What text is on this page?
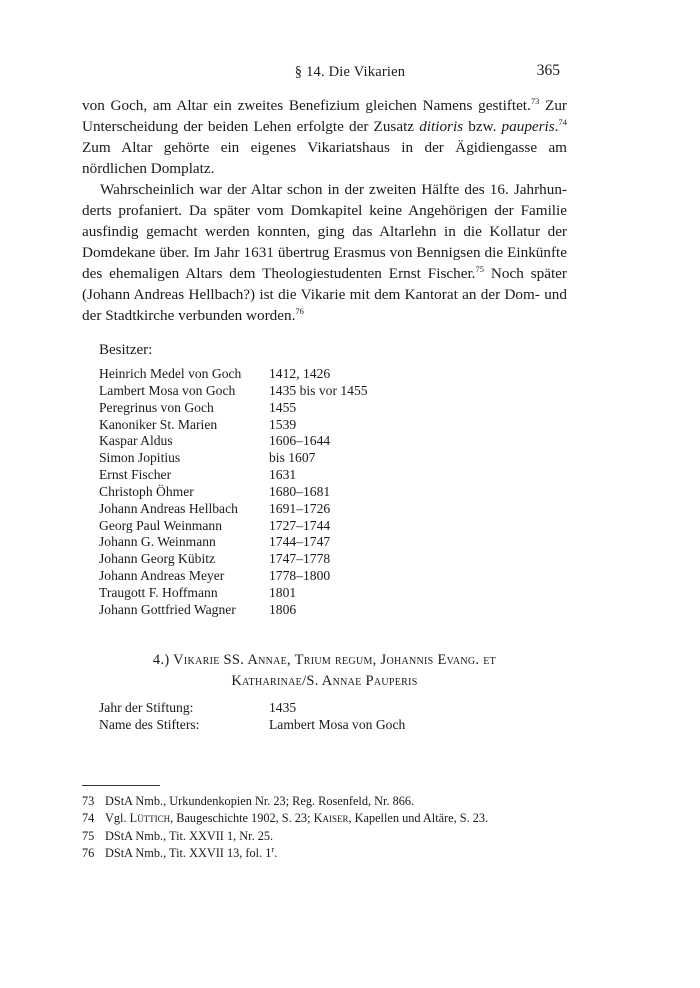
§ 14. Die Vikarien	365

von Goch, am Altar ein zweites Benefizium gleichen Namens gestiftet.$^{73}$ Zur Unterscheidung der beiden Lehen erfolgte der Zusatz ditioris bzw. pauperis.$^{74}$ Zum Altar gehörte ein eigenes Vikariatshaus in der Ägidiengasse am nördlichen Domplatz.

Wahrscheinlich war der Altar schon in der zweiten Hälfte des 16. Jahrhunderts profaniert. Da später vom Domkapitel keine Angehörigen der Familie ausfindig gemacht werden konnten, ging das Altarlehn in die Kollatur der Domdekane über. Im Jahr 1631 übertrug Erasmus von Bennigsen die Einkünfte des ehemaligen Altars dem Theologiestudenten Ernst Fischer.$^{75}$ Noch später (Johann Andreas Hellbach?) ist die Vikarie mit dem Kantorat an der Dom- und der Stadtkirche verbunden worden.$^{76}$

Besitzer:
Heinrich Medel von Goch	1412, 1426
Lambert Mosa von Goch	1435 bis vor 1455
Peregrinus von Goch	1455
Kanoniker St. Marien	1539
Kaspar Aldus	1606–1644
Simon Jopitius	bis 1607
Ernst Fischer	1631
Christoph Öhmer	1680–1681
Johann Andreas Hellbach	1691–1726
Georg Paul Weinmann	1727–1744
Johann G. Weinmann	1744–1747
Johann Georg Kübitz	1747–1778
Johann Andreas Meyer	1778–1800
Traugott F. Hoffmann	1801
Johann Gottfried Wagner	1806
4.) Vikarie SS. Annae, Trium regum, Johannis Evang. et
Katharinae/S. Annae Pauperis
Jahr der Stiftung:	1435
Name des Stifters:	Lambert Mosa von Goch
73 DStA Nmb., Urkundenkopien Nr. 23; Reg. Rosenfeld, Nr. 866.
74 Vgl. Lüttich, Baugeschichte 1902, S. 23; Kaiser, Kapellen und Altäre, S. 23.
75 DStA Nmb., Tit. XXVII 1, Nr. 25.
76 DStA Nmb., Tit. XXVII 13, fol. 1$^r$.
